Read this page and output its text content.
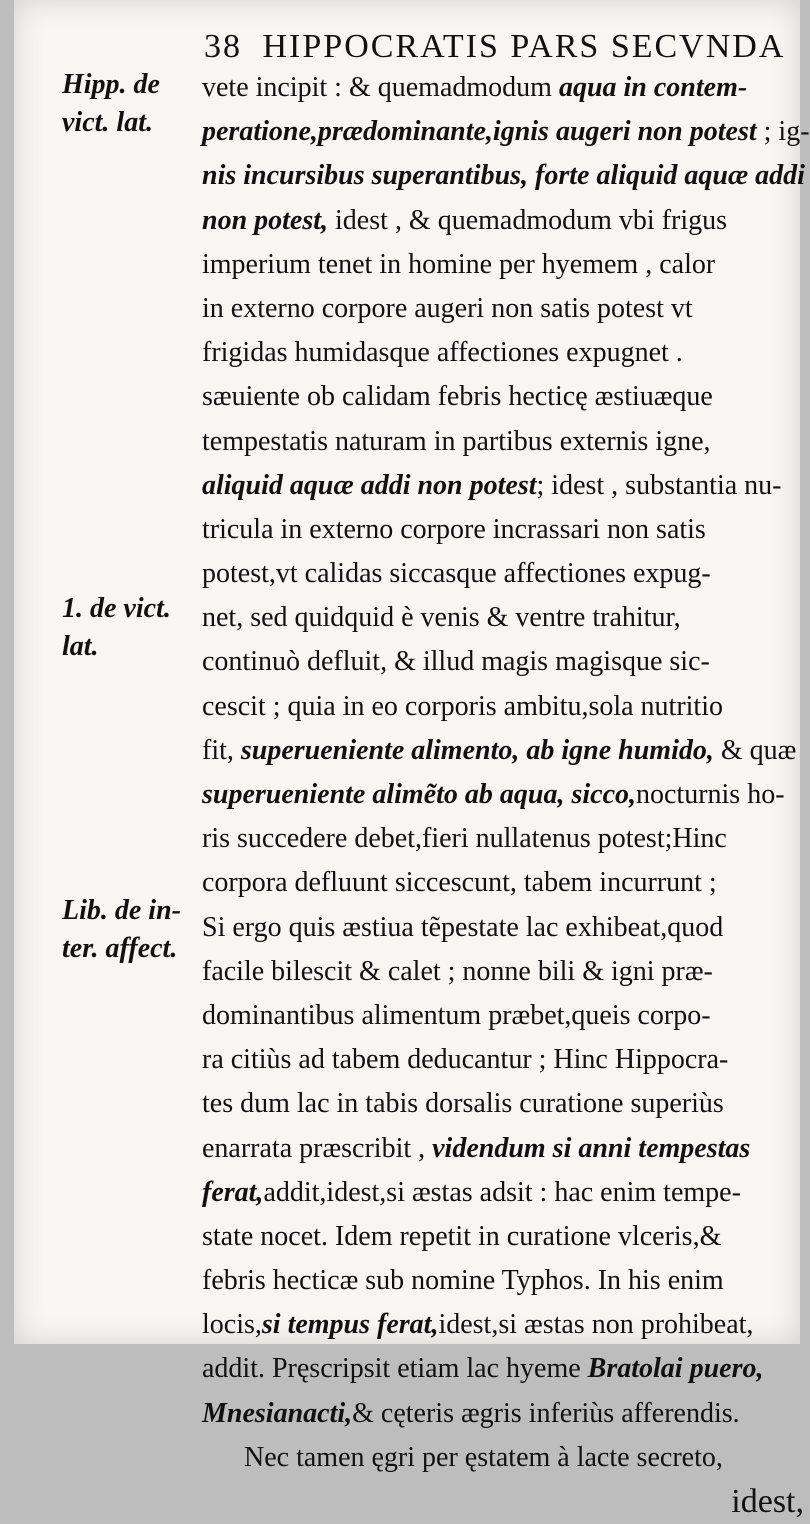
38 HIPPOCRATIS PARS SECVNDA
Hipp. de
vict. lat.
1. de vict.
lat.
Lib. de in-
ter. affect.
vete incipit : & quemadmodum aqua in contem-
peratione,prædominante,ignis augeri non potest ; ig-
nis incursibus superantibus, forte aliquid aquæ addi
non potest, idest , & quemadmodum vbi frigus
imperium tenet in homine per hyemem , calor
in externo corpore augeri non satis potest vt
frigidas humidasque affectiones expugnet .
sæuiente ob calidam febris hecticę æstiuæque
tempestatis naturam in partibus externis igne,
aliquid aquæ addi non potest; idest , substantia nu-
tricula in externo corpore incrassari non satis
potest,vt calidas siccasque affectiones expug-
net, sed quidquid è venis & ventre trahitur,
continuò defluit, & illud magis magisque sic-
cescit ; quia in eo corporis ambitu,sola nutritio
fit, superueniente alimento, ab igne humido, & quæ
superueniente alimẽto ab aqua, sicco,nocturnis ho-
ris succedere debet,fieri nullatenus potest;Hinc
corpora defluunt siccescunt, tabem incurrunt ;
Si ergo quis æstiua tẽpestate lac exhibeat,quod
facile bilescit & calet ; nonne bili & igni præ-
dominantibus alimentum præbet,queis corpo-
ra citiùs ad tabem deducantur ; Hinc Hippocra-
tes dum lac in tabis dorsalis curatione superiùs
enarrata præscribit , videndum si anni tempestas
ferat,addit,idest,si æstas adsit : hac enim tempe-
state nocet. Idem repetit in curatione vlceris,&
febris hecticæ sub nomine Typhos. In his enim
locis,si tempus ferat,idest,si æstas non prohibeat,
addit. Pręscripsit etiam lac hyeme Bratolai puero,
Mnesianacti,& cęteris ægris inferiùs afferendis.
Nec tamen ęgri per ęstatem à lacte secreto,
idest,
